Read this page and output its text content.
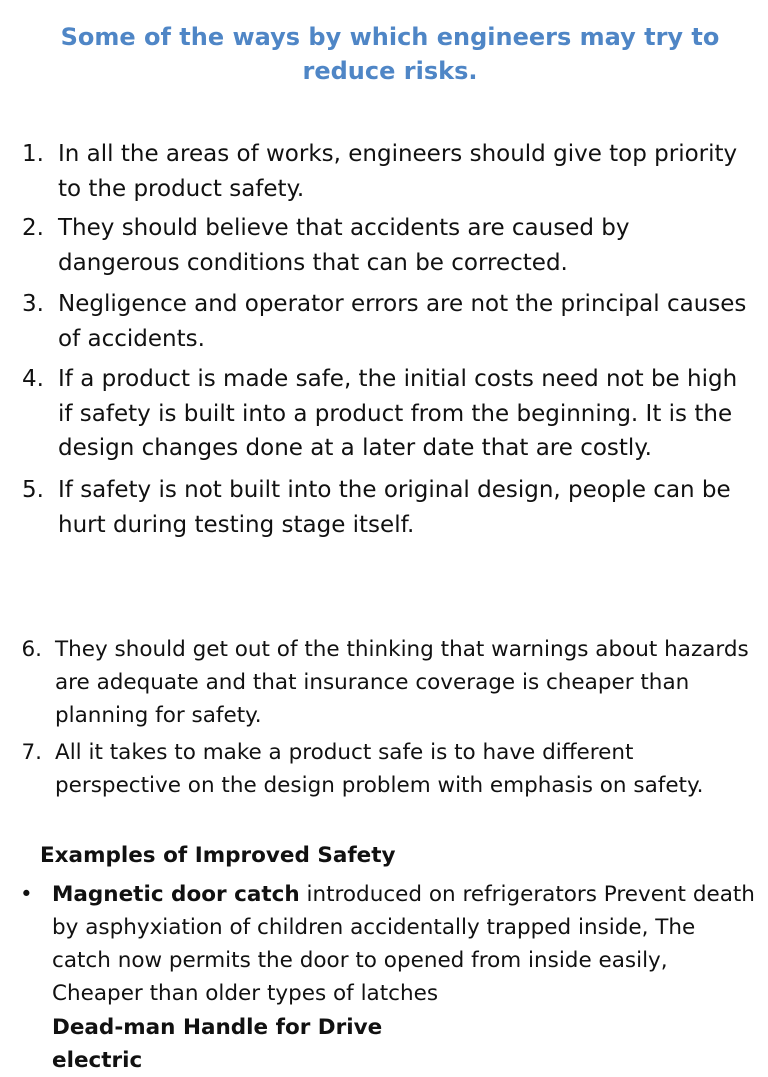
Some of the ways by which engineers may try to reduce risks.
1. In all the areas of works, engineers should give top priority to the product safety.
2. They should believe that accidents are caused by dangerous conditions that can be corrected.
3. Negligence and operator errors are not the principal causes of accidents.
4. If a product is made safe, the initial costs need not be high if safety is built into a product from the beginning. It is the design changes done at a later date that are costly.
5. If safety is not built into the original design, people can be hurt during testing stage itself.
6. They should get out of the thinking that warnings about hazards are adequate and that insurance coverage is cheaper than planning for safety.
7. All it takes to make a product safe is to have different perspective on the design problem with emphasis on safety.
Examples of Improved Safety
• Magnetic door catch introduced on refrigerators Prevent death by asphyxiation of children accidentally trapped inside, The catch now permits the door to opened from inside easily, Cheaper than older types of latches
Dead-man Handle for Drive electric
